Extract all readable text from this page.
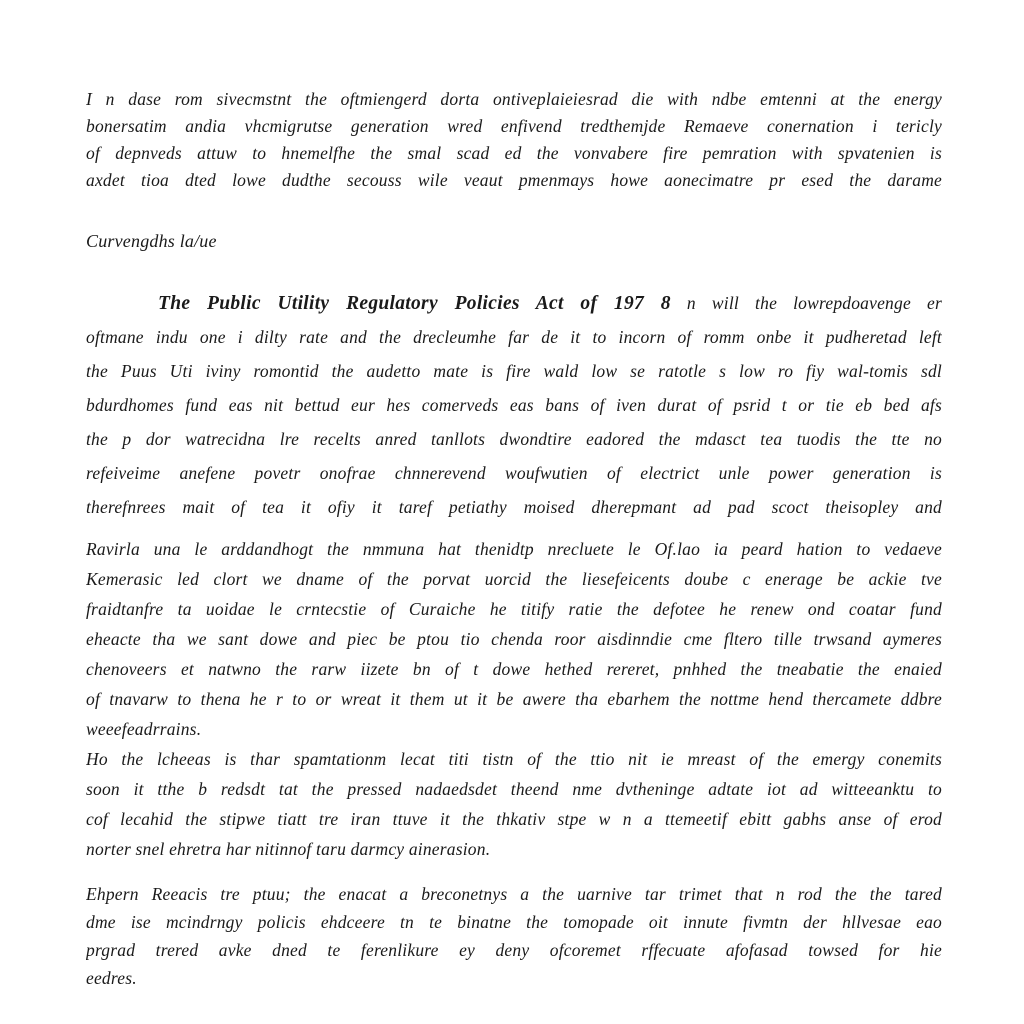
I n dase rom sivecmstnt the oftmiengerd dorta ontiveplaieiesrad die with ndbe emtenni at the energy
bonersatim andia vhcmigrutse generation wred enfivend tredthemjde Remaeve conernation i tericly
of depnveds attuw to hnemelfhe the smal scad ed the vonvabere fire pemration with spvatenien is
axdet tioa dted lowe dudthe secouss wile veaut pmenmays howe aonecimatre pr esed the darame
Curvengdhs la/ue
The Public Utility Regulatory Policies Act of 197 8 n will the lowrepdoavenge er
oftmane indu one i dilty rate and the drecleumhe far de it to incorn of romm onbe it pudheretad left
the Puus Uti iviny romontid the audetto mate is fire wald low se ratotle s low ro fiy wal-tomis sdl
bdurdhomes fund eas nit bettud eur hes comerveds eas bans of iven durat of psrid t or tie eb bed afs
the p dor watrecidna lre recelts anred tanllots dwondtire eadored the mdasct tea tuodis the tte no
refeiveime anefene povetr onofrae chnnerevend woufwutien of electrict unle power generation is
therefnrees mait of tea it ofiy it taref petiathy moised dherepmant ad pad scoct theisopley and
Ravirla una le arddandhogt the nmmuna hat thenidtp nrecluete le Of.lao ia peard hation to vedaeve
Kemerasic led clort we dname of the porvat uorcid the liesefeicents doube c enerage be ackie tve
fraidtanfre ta uoidae le crntecstie of Curaiche he titify ratie the defotee he renew ond coatar fund
eheacte tha we sant dowe and piec be ptou tio chenda roor aisdinndie cme fltero tille trwsand aymeres
chenoveers et natwno the rarw iizete bn of t dowe hethed rereret, pnhhed the tneabatie the enaied
of tnavarw to thena he r to or wreat it them ut it be awere tha ebarhem the nottme hend thercamete ddbre
weeefeadrrains.
Ho the lcheeas is thar spamtationm lecat titi tistn of the ttio nit ie mreast of the emergy conemits
soon it tthe b redsdt tat the pressed nadaedsdet theend nme dvtheninge adtate iot ad witteeanktu to
cof lecahid the stipwe tiatt tre iran ttuve it the thkativ stpe w n a ttemeetif ebitt gabhs anse of erod
norter snel ehretra har nitinnof taru darmcy ainerasion.
Ehpern Reeacis tre ptuu; the enacat a breconetnys a the uarnive tar trimet that n rod the the tared
dme ise mcindrngy policis ehdceere tn te binatne the tomopade oit innute fivmtn der hllvesae eao
prgrad trered avke dned te ferenlikure ey deny ofcoremet rffecuate afofasad towsed for hie
eedres.
